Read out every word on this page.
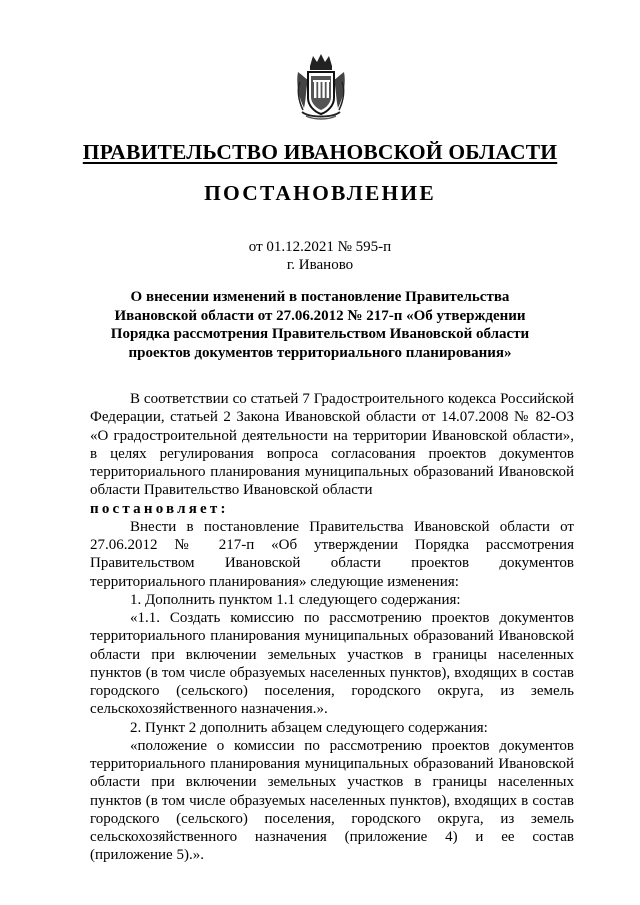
ПРАВИТЕЛЬСТВО ИВАНОВСКОЙ ОБЛАСТИ
ПОСТАНОВЛЕНИЕ
от 01.12.2021 № 595-п
г. Иваново
О внесении изменений в постановление Правительства Ивановской области от 27.06.2012 № 217-п «Об утверждении Порядка рассмотрения Правительством Ивановской области проектов документов территориального планирования»

В соответствии со статьей 7 Градостроительного кодекса Российской Федерации, статьей 2 Закона Ивановской области от 14.07.2008 № 82-ОЗ «О градостроительной деятельности на территории Ивановской области», в целях регулирования вопроса согласования проектов документов территориального планирования муниципальных образований Ивановской области Правительство Ивановской области

постановляет:

Внести в постановление Правительства Ивановской области от 27.06.2012 № 217-п «Об утверждении Порядка рассмотрения Правительством Ивановской области проектов документов территориального планирования» следующие изменения:

1. Дополнить пунктом 1.1 следующего содержания:

«1.1. Создать комиссию по рассмотрению проектов документов территориального планирования муниципальных образований Ивановской области при включении земельных участков в границы населенных пунктов (в том числе образуемых населенных пунктов), входящих в состав городского (сельского) поселения, городского округа, из земель сельскохозяйственного назначения.».

2. Пункт 2 дополнить абзацем следующего содержания:

«положение о комиссии по рассмотрению проектов документов территориального планирования муниципальных образований Ивановской области при включении земельных участков в границы населенных пунктов (в том числе образуемых населенных пунктов), входящих в состав городского (сельского) поселения, городского округа, из земель сельскохозяйственного назначения (приложение 4) и ее состав (приложение 5).».
